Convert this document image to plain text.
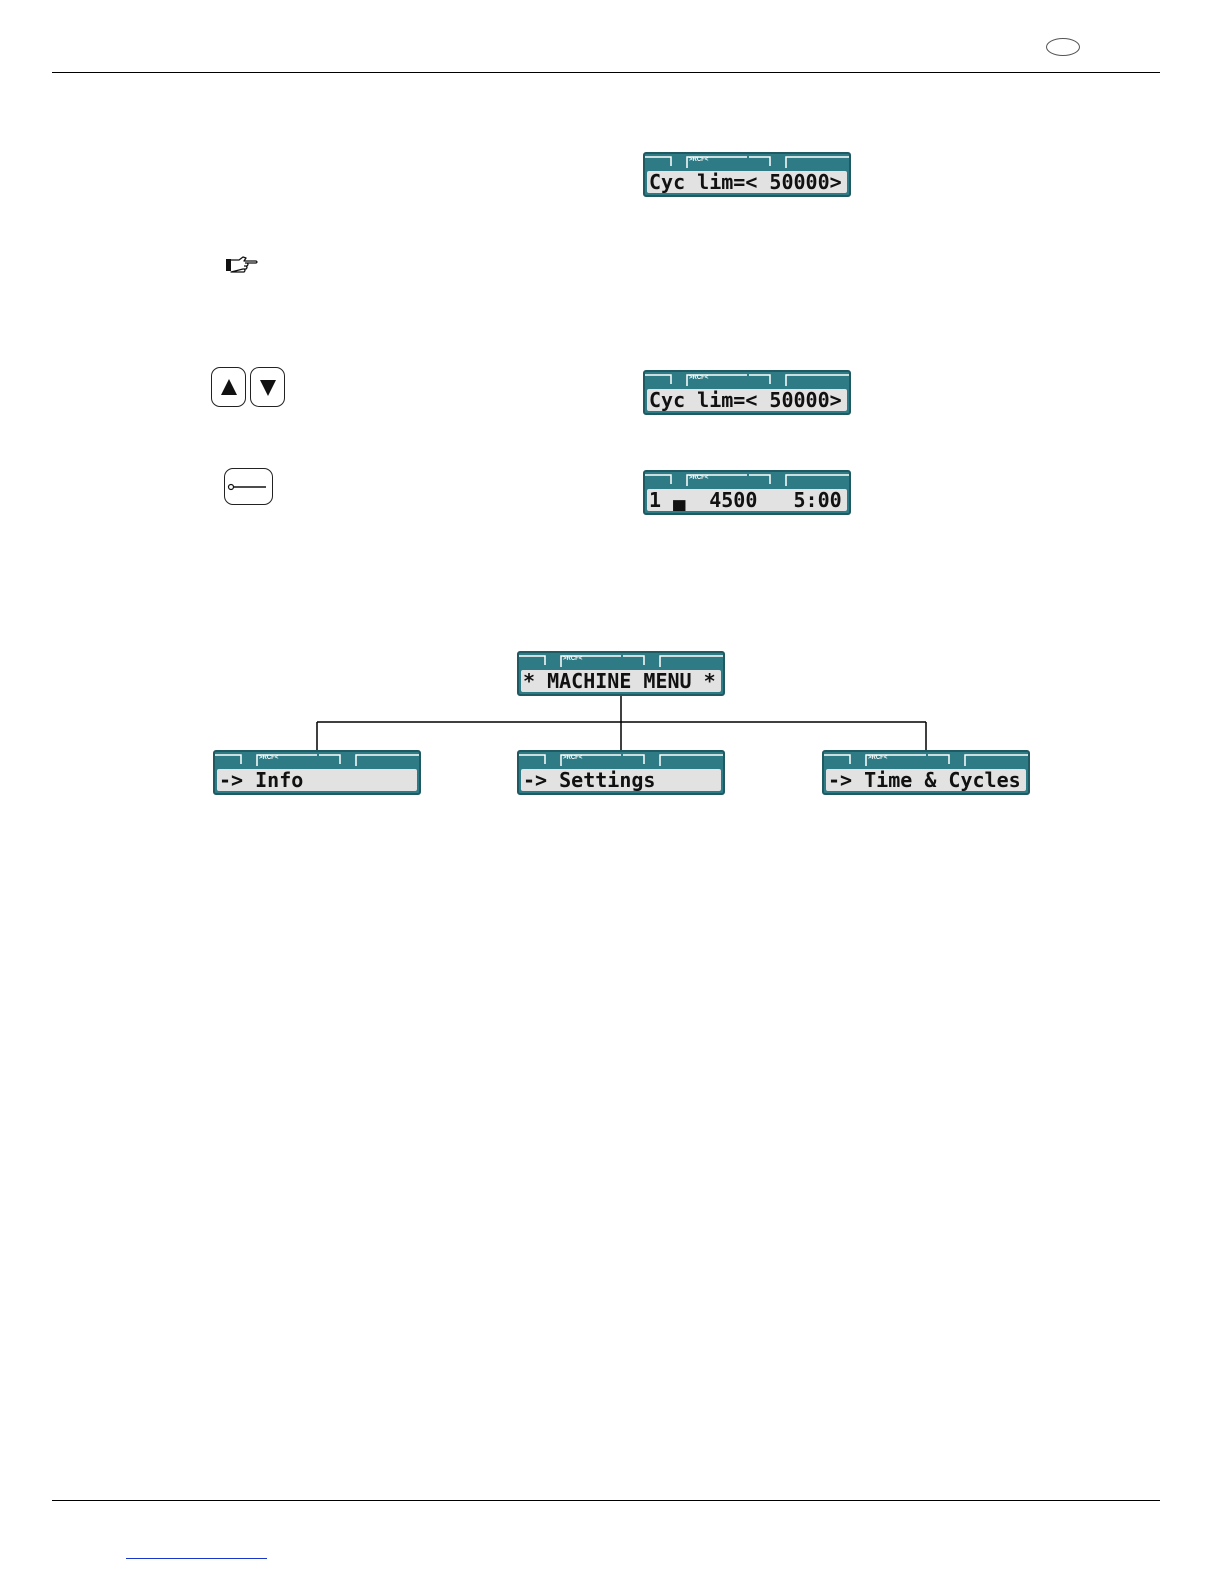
>RCF<
Cyc lim=< 50000>
>RCF<
Cyc lim=< 50000>
>RCF<
1 ▄  4500   5:00
>RCF<
* MACHINE MENU *
>RCF<
-> Info
>RCF<
-> Settings
>RCF<
-> Time & Cycles
